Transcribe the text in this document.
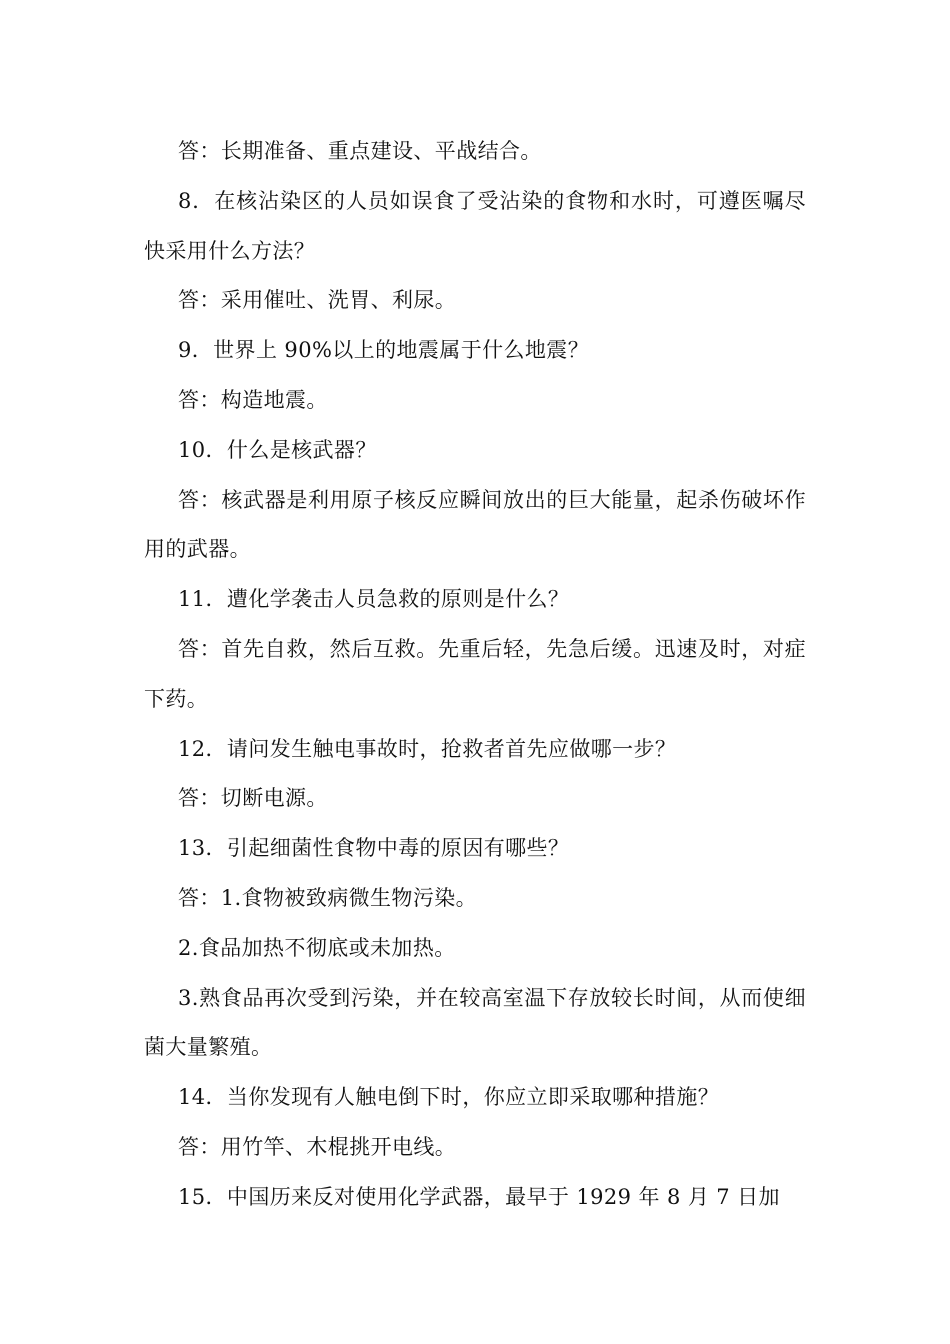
答：长期准备、重点建设、平战结合。

8．在核沾染区的人员如误食了受沾染的食物和水时，可遵医嘱尽快采用什么方法？

答：采用催吐、洗胃、利尿。

9．世界上 90%以上的地震属于什么地震？

答：构造地震。

10．什么是核武器？

答：核武器是利用原子核反应瞬间放出的巨大能量，起杀伤破坏作用的武器。

11．遭化学袭击人员急救的原则是什么？

答：首先自救，然后互救。先重后轻，先急后缓。迅速及时，对症下药。

12．请问发生触电事故时，抢救者首先应做哪一步？

答：切断电源。

13．引起细菌性食物中毒的原因有哪些？

答：1.食物被致病微生物污染。

2.食品加热不彻底或未加热。

3.熟食品再次受到污染，并在较高室温下存放较长时间，从而使细菌大量繁殖。

14．当你发现有人触电倒下时，你应立即采取哪种措施？

答：用竹竿、木棍挑开电线。

15．中国历来反对使用化学武器，最早于 1929 年 8 月 7 日加
